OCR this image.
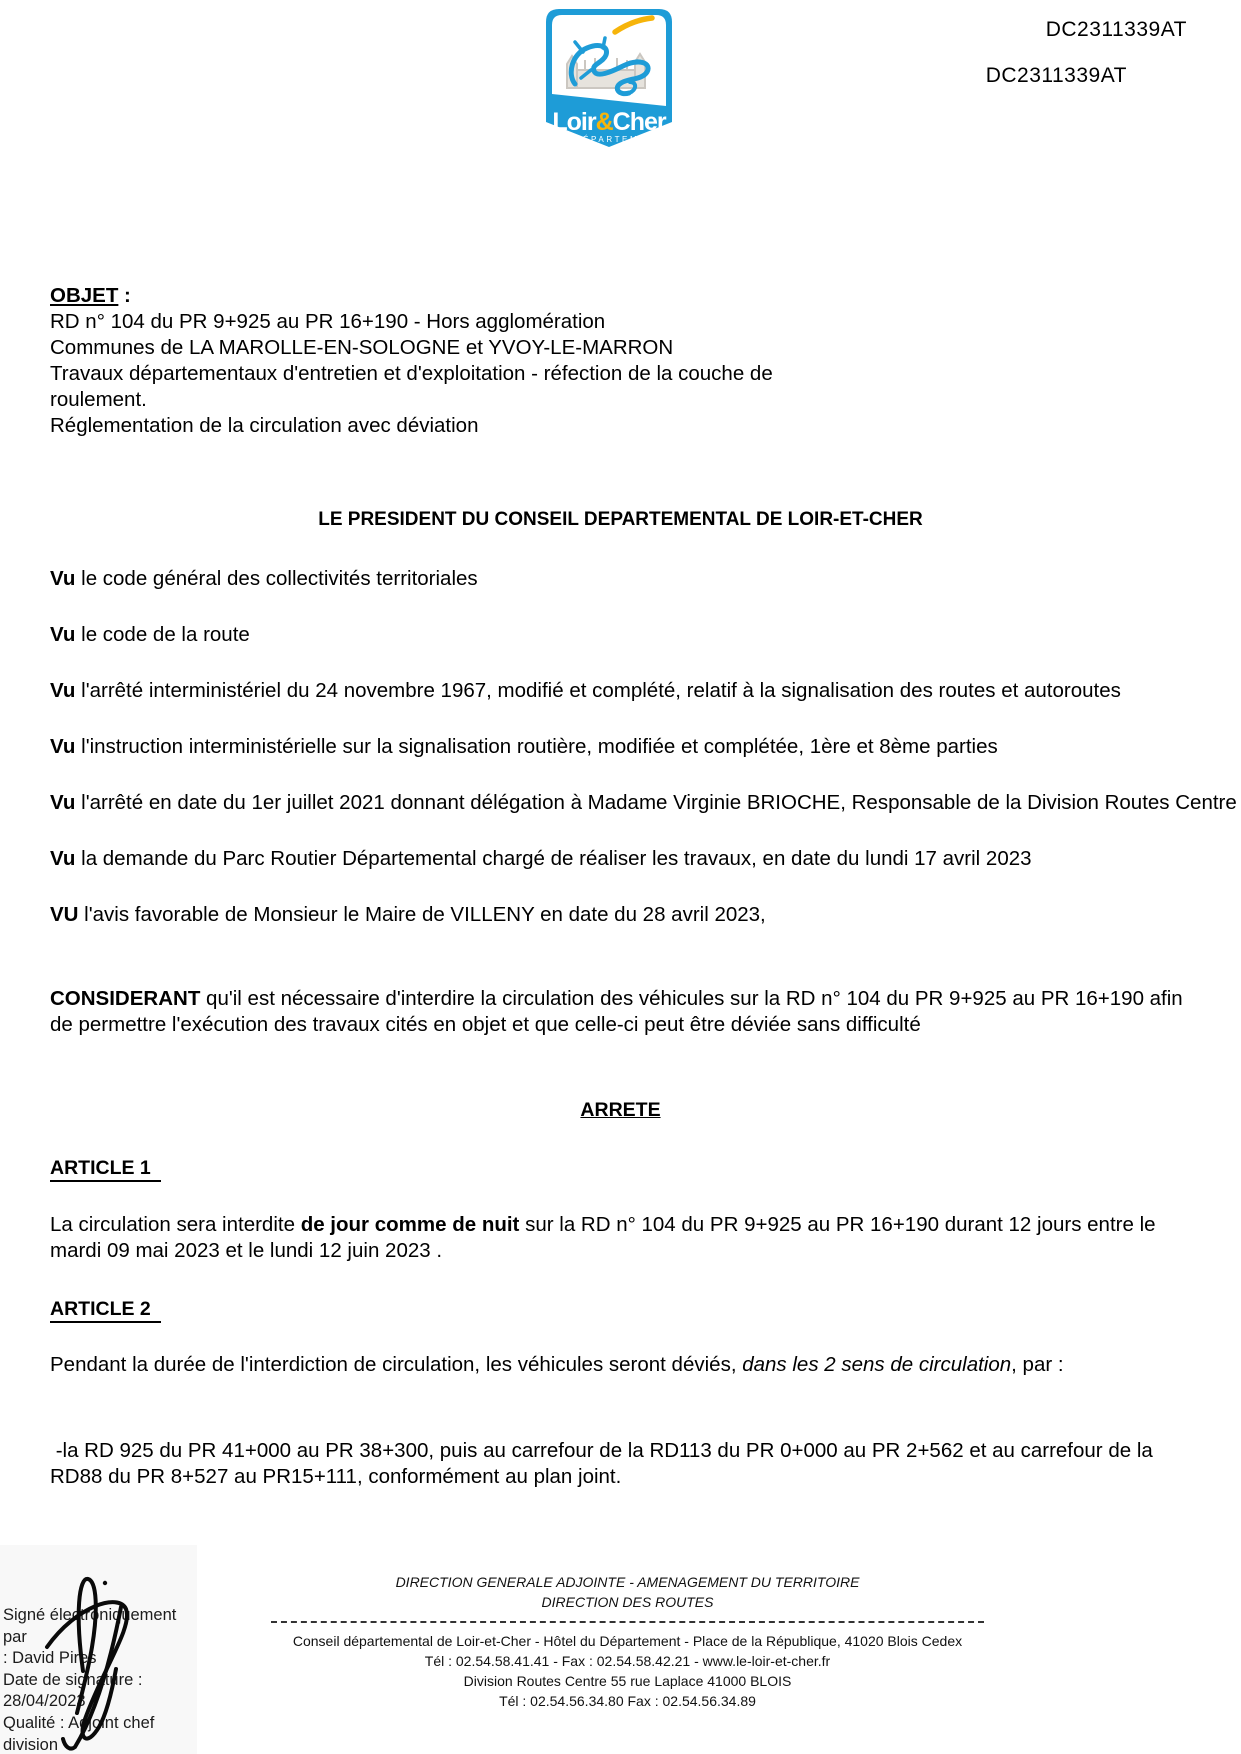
Loir&Cher
LE DÉPARTEMENT
DC2311339AT
DC2311339AT
OBJET :
RD n° 104 du PR 9+925 au PR 16+190 - Hors agglomération
Communes de LA MAROLLE-EN-SOLOGNE et YVOY-LE-MARRON
Travaux départementaux d'entretien et d'exploitation - réfection de la couche de
roulement.
Réglementation de la circulation avec déviation
LE PRESIDENT DU CONSEIL DEPARTEMENTAL DE LOIR-ET-CHER
Vu le code général des collectivités territoriales
Vu le code de la route
Vu l'arrêté interministériel du 24 novembre 1967, modifié et complété, relatif à la signalisation des routes et autoroutes
Vu l'instruction interministérielle sur la signalisation routière, modifiée et complétée, 1ère et 8ème parties
Vu l'arrêté en date du 1er juillet 2021 donnant délégation à Madame Virginie BRIOCHE, Responsable de la Division Routes Centre
Vu la demande du Parc Routier Départemental chargé de réaliser les travaux, en date du lundi 17 avril 2023
VU l'avis favorable de Monsieur le Maire de VILLENY en date du 28 avril 2023,
CONSIDERANT qu'il est nécessaire d'interdire la circulation des véhicules sur la RD n° 104 du PR 9+925 au PR 16+190 afin de permettre l'exécution des travaux cités en objet et que celle-ci peut être déviée sans difficulté
ARRETE
ARTICLE 1
La circulation sera interdite de jour comme de nuit sur la RD n° 104 du PR 9+925 au PR 16+190 durant 12 jours entre le mardi 09 mai 2023 et le lundi 12 juin 2023 .
ARTICLE 2
Pendant la durée de l'interdiction de circulation, les véhicules seront déviés, dans les 2 sens de circulation, par :
-la RD 925 du PR 41+000 au PR 38+300, puis au carrefour de la RD113 du PR 0+000 au PR 2+562 et au carrefour de la RD88 du PR 8+527 au PR15+111, conformément au plan joint.
Signé électroniquement par
: David Pires
Date de signature :
28/04/2023
Qualité : Adjoint chef
division
DIRECTION GENERALE ADJOINTE - AMENAGEMENT DU TERRITOIRE
DIRECTION DES ROUTES
Conseil départemental de Loir-et-Cher - Hôtel du Département - Place de la République, 41020 Blois Cedex
Tél : 02.54.58.41.41 - Fax : 02.54.58.42.21 - www.le-loir-et-cher.fr
Division Routes Centre 55 rue Laplace 41000 BLOIS
Tél : 02.54.56.34.80 Fax : 02.54.56.34.89
